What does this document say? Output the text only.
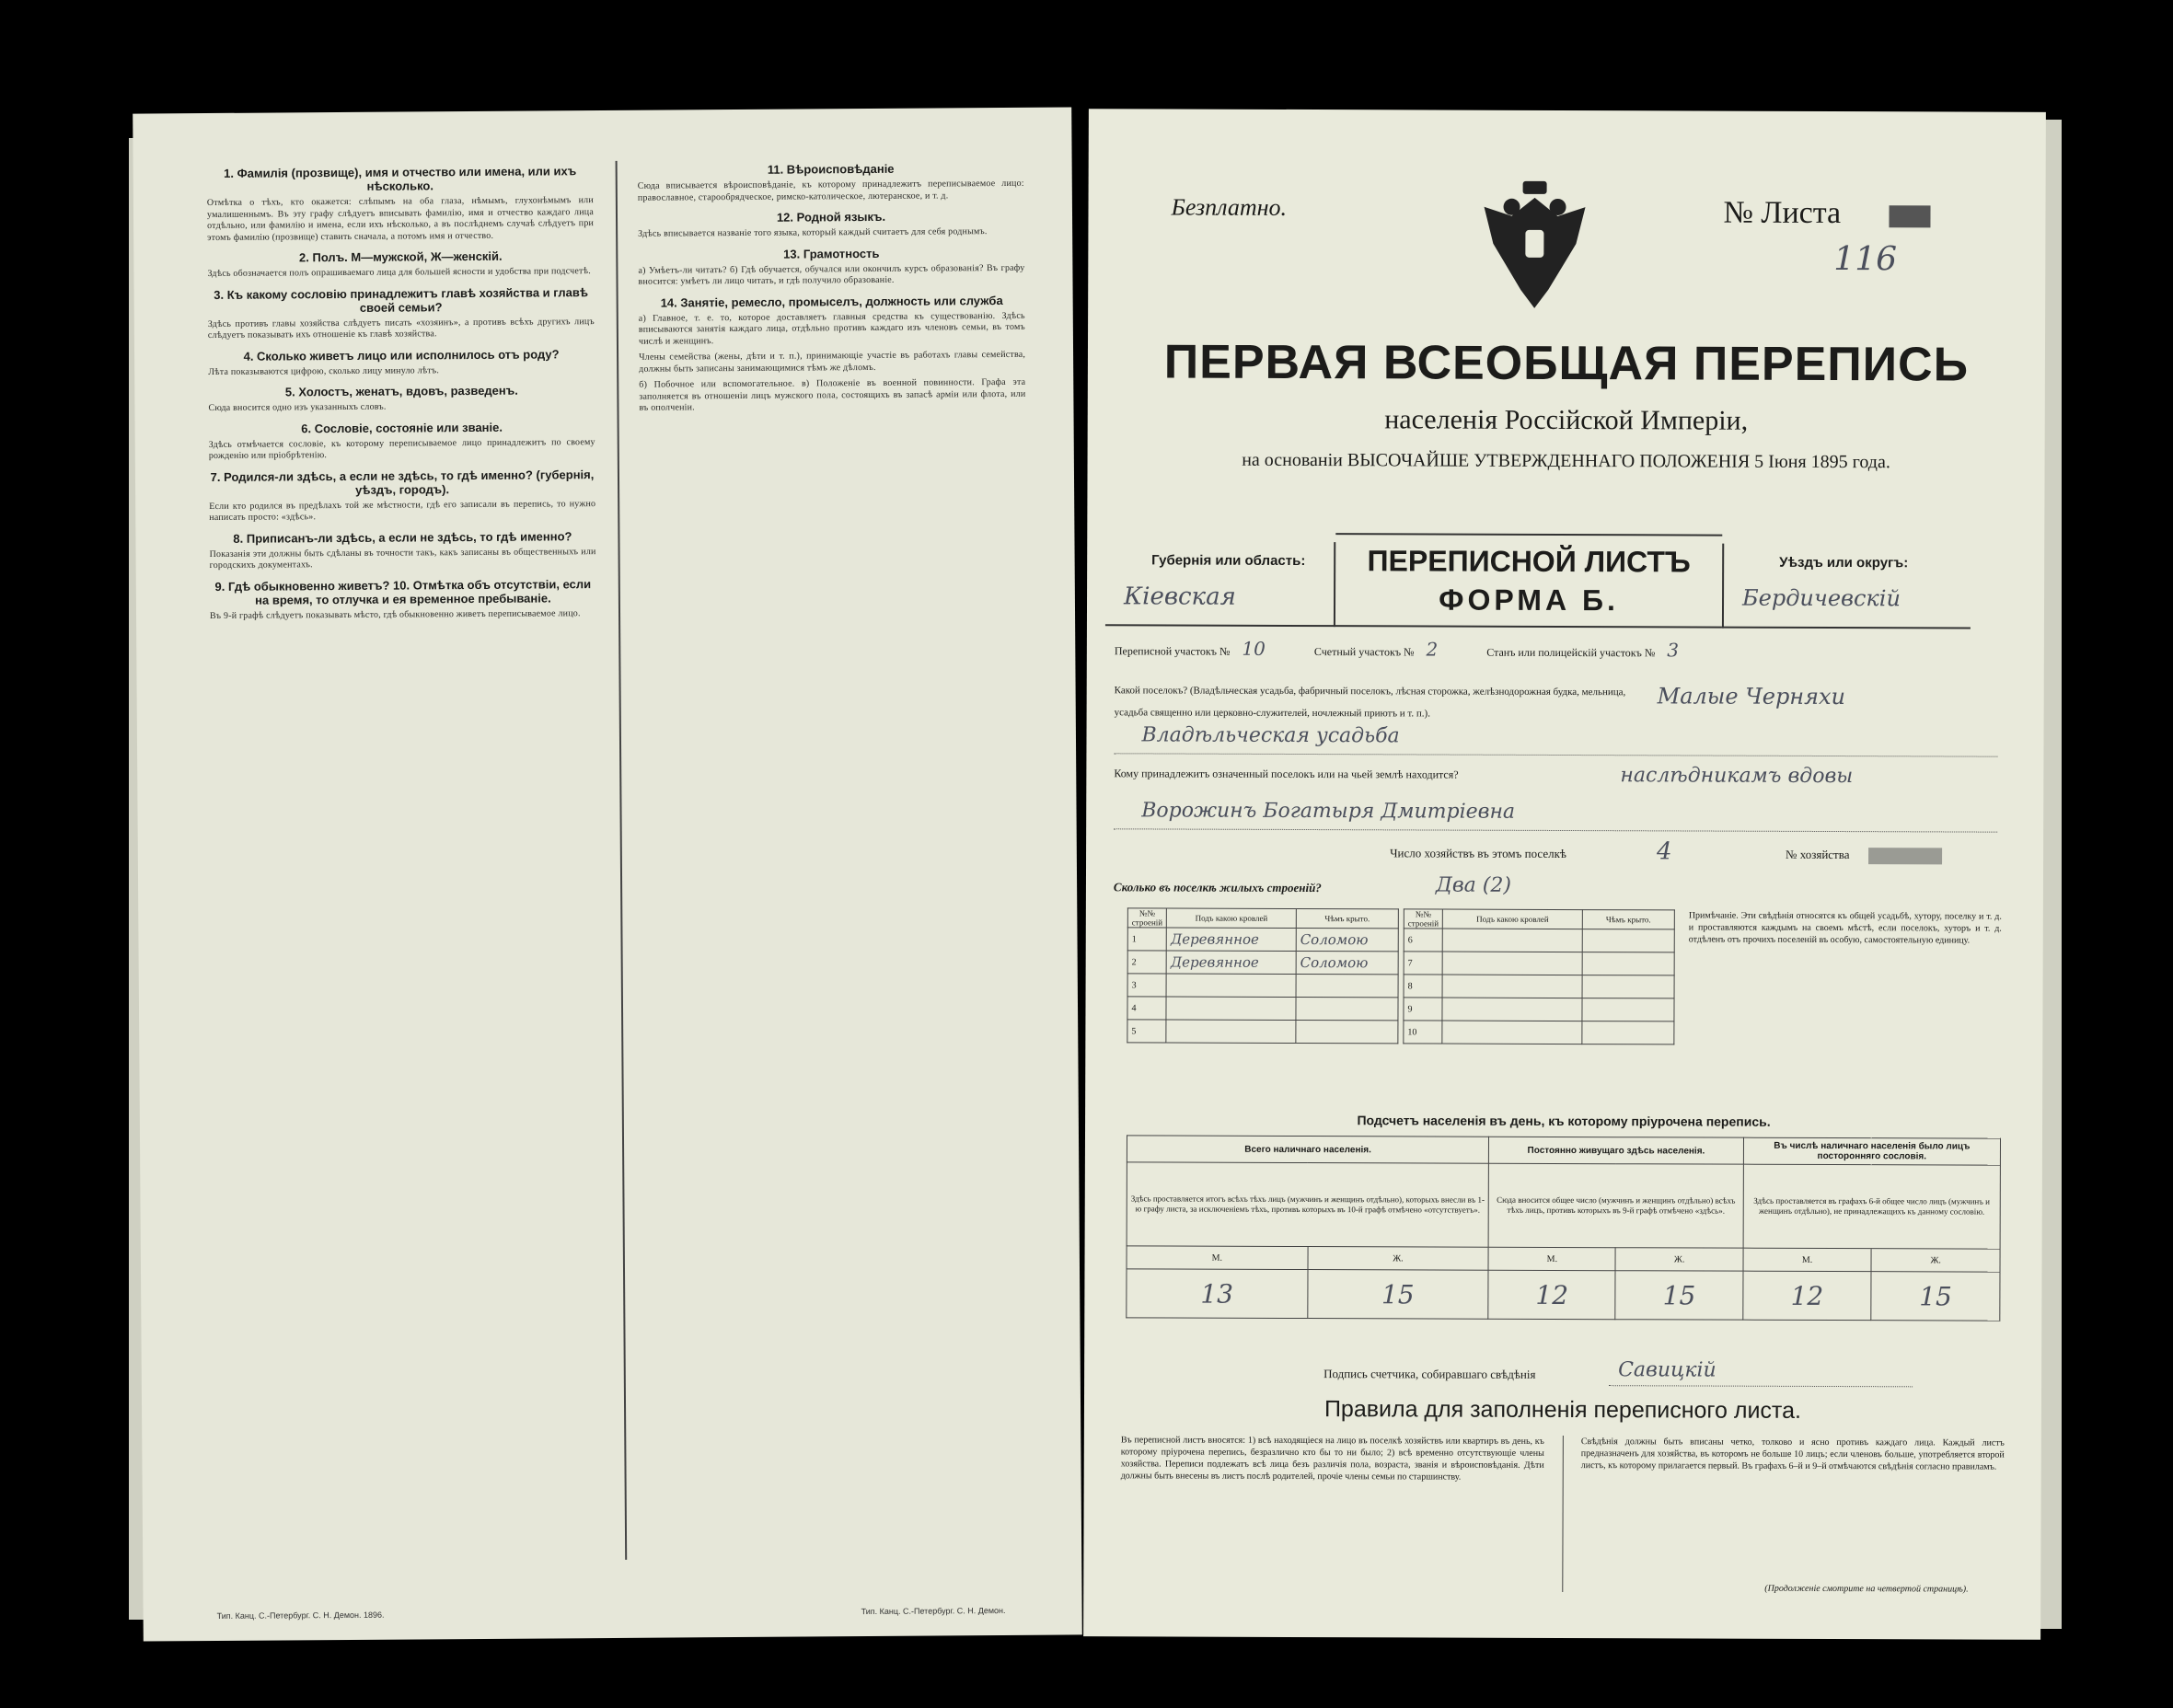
1. Фамилія (прозвище), имя и отчество или имена, или ихъ нѣсколько.

Отмѣтка о тѣхъ, кто окажется: слѣпымъ на оба глаза, нѣмымъ, глухонѣмымъ или умалишеннымъ. Въ эту графу слѣдуетъ вписывать фамилію, имя и отчество каждаго лица отдѣльно, или фамилію и имена, если ихъ нѣсколько, а въ послѣднемъ случаѣ слѣдуетъ при этомъ фамилію (прозвище) ставить сначала, а потомъ имя и отчество.

2. Полъ. М—мужской, Ж—женскій.

Здѣсь обозначается полъ опрашиваемаго лица для большей ясности и удобства при подсчетѣ.

3. Къ какому сословію принадлежитъ главѣ хозяйства и главѣ своей семьи?

Здѣсь противъ главы хозяйства слѣдуетъ писать «хозяинъ», а противъ всѣхъ другихъ лицъ слѣдуетъ показывать ихъ отношеніе къ главѣ хозяйства.

4. Сколько живетъ лицо или исполнилось отъ роду?

Лѣта показываются цифрою, сколько лицу минуло лѣтъ.

5. Холостъ, женатъ, вдовъ, разведенъ.

Сюда вносится одно изъ указанныхъ словъ.

6. Сословіе, состояніе или званіе.

Здѣсь отмѣчается сословіе, къ которому переписываемое лицо принадлежитъ по своему рожденію или пріобрѣтенію.

7. Родился-ли здѣсь, а если не здѣсь, то гдѣ именно? (губернія, уѣздъ, городъ).

Если кто родился въ предѣлахъ той же мѣстности, гдѣ его записали въ перепись, то нужно написать просто: «здѣсь».

8. Приписанъ-ли здѣсь, а если не здѣсь, то гдѣ именно?

Показанія эти должны быть сдѣланы въ точности такъ, какъ записаны въ общественныхъ или городскихъ документахъ.

9. Гдѣ обыкновенно живетъ? 10. Отмѣтка объ отсутствіи, если на время, то отлучка и ея временное пребываніе.

Въ 9-й графѣ слѣдуетъ показывать мѣсто, гдѣ обыкновенно живетъ переписываемое лицо.

11. Вѣроисповѣданіе

Сюда вписывается вѣроисповѣданіе, къ которому принадлежитъ переписываемое лицо: православное, старообрядческое, римско-католическое, лютеранское, и т. д.

12. Родной языкъ.

Здѣсь вписывается названіе того языка, который каждый считаетъ для себя роднымъ.

13. Грамотность

а) Умѣетъ-ли читать? б) Гдѣ обучается, обучался или окончилъ курсъ образованія? Въ графу вносится: умѣетъ ли лицо читать, и гдѣ получило образованіе.

14. Занятіе, ремесло, промыселъ, должность или служба

а) Главное, т. е. то, которое доставляетъ главныя средства къ существованію. Здѣсь вписываются занятія каждаго лица, отдѣльно противъ каждаго изъ членовъ семьи, въ томъ числѣ и женщинъ.

Члены семейства (жены, дѣти и т. п.), принимающіе участіе въ работахъ главы семейства, должны быть записаны занимающимися тѣмъ же дѣломъ.

б) Побочное или вспомогательное. в) Положеніе въ военной повинности. Графа эта заполняется въ отношеніи лицъ мужского пола, состоящихъ въ запасѣ арміи или флота, или въ ополченіи.

Тип. Канц. С.-Петербург. С. Н. Демон. 1896.	Тип. Канц. С.-Петербург. С. Н. Демон.
Безплатно.	№ Листа
116
ПЕРВАЯ ВСЕОБЩАЯ ПЕРЕПИСЬ
населенія Россійской Имперіи,
на основаніи ВЫСОЧАЙШЕ УТВЕРЖДЕННАГО ПОЛОЖЕНІЯ 5 Іюня 1895 года.
Губернія или область:
Кіевская
ПЕРЕПИСНОЙ ЛИСТЪ
ФОРМА Б.
Уѣздъ или округъ:
Бердичевскій
Переписной участокъ № 10	Счетный участокъ № 2	Станъ или полицейскій участокъ № 3
Какой поселокъ? (Владѣльческая усадьба, фабричный поселокъ, лѣсная сторожка, желѣзнодорожная будка, мельница, усадьба священно или церковно-служителей, ночлежный приютъ и т. п.).
Малые Черняхи
Владѣльческая усадьба
Кому принадлежитъ означенный поселокъ или на чьей землѣ находится?	наслѣдникамъ вдовы
Ворожинъ Богатыря Дмитріевна
Число хозяйствъ въ этомъ поселкѣ	4	№ хозяйства
Сколько въ поселкѣ жилыхъ строеній?	Два (2)
№№ строеній	Подъ какою кровлей	Чѣмъ крыто.
1	Деревянное	Соломою
2	Деревянное	Соломою
3		
4		
5		
№№ строеній	Подъ какою кровлей	Чѣмъ крыто.
6		
7		
8		
9		
10		
Примѣчаніе. Эти свѣдѣнія относятся къ общей усадьбѣ, хутору, поселку и т. д. и проставляются каждымъ на своемъ мѣстѣ, если поселокъ, хуторъ и т. д. отдѣленъ отъ прочихъ поселеній въ особую, самостоятельную единицу.
Подсчетъ населенія въ день, къ которому пріурочена перепись.
Всего наличнаго населенія.		Постоянно живущаго здѣсь населенія.		Въ числѣ наличнаго населенія было лицъ посторонняго сословія.	
Здѣсь проставляется итогъ всѣхъ тѣхъ лицъ (мужчинъ и женщинъ отдѣльно), которыхъ внесли въ 1-ю графу листа, за исключеніемъ тѣхъ, противъ которыхъ въ 10-й графѣ отмѣчено «отсутствуетъ».		Сюда вносится общее число (мужчинъ и женщинъ отдѣльно) всѣхъ тѣхъ лицъ, противъ которыхъ въ 9-й графѣ отмѣчено «здѣсь».		Здѣсь проставляется въ графахъ 6-й общее число лицъ (мужчинъ и женщинъ отдѣльно), не принадлежащихъ къ данному сословію.	
М.	Ж.	М.	Ж.	М.	Ж.
13	15	12	15	12	15
Подпись счетчика, собиравшаго свѣдѣнія	Савицкій
Правила для заполненія переписного листа.
Въ переписной листъ вносятся: 1) всѣ находящіеся на лицо въ поселкѣ хозяйствъ или квартиръ въ день, къ которому пріурочена перепись, безразлично кто бы то ни было; 2) всѣ временно отсутствующіе члены хозяйства. Переписи подлежатъ всѣ лица безъ различія пола, возраста, званія и вѣроисповѣданія. Дѣти должны быть внесены въ листъ послѣ родителей, прочіе члены семьи по старшинству.
Свѣдѣнія должны быть вписаны четко, толково и ясно противъ каждаго лица. Каждый листъ предназначенъ для хозяйства, въ которомъ не больше 10 лицъ; если членовъ больше, употребляется второй листъ, къ которому прилагается первый. Въ графахъ 6–й и 9–й отмѣчаются свѣдѣнія согласно правиламъ.
(Продолженіе смотрите на четвертой страницѣ).
